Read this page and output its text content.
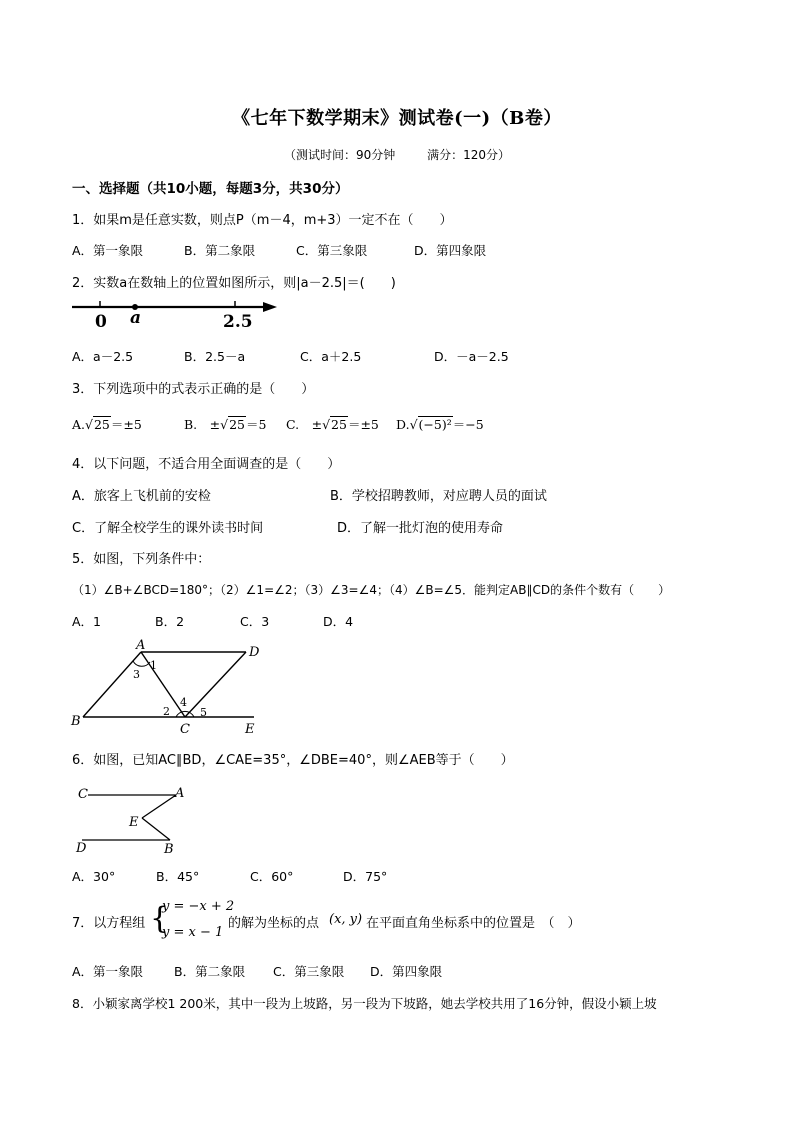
《七年下数学期末》测试卷(一)（B卷）
（测试时间：90分钟	满分：120分）
一、选择题（共10小题，每题3分，共30分）
1．如果m是任意实数，则点P（m－4，m+3）一定不在（　　）
A．第一象限	B．第二象限	C．第三象限	D．第四象限
2．实数a在数轴上的位置如图所示，则|a－2.5|＝(　　)
0 a	2.5
A．a－2.5	B．2.5－a	C．a＋2.5	D．－a－2.5
3．下列选项中的式表示正确的是（　　）
A.√25＝±5	B.　±√25＝5 C.　±√25＝±5 D.√(−5)²＝−5
4．以下问题，不适合用全面调查的是（　　）
A．旅客上飞机前的安检	B．学校招聘教师，对应聘人员的面试
C．了解全校学生的课外读书时间	D．了解一批灯泡的使用寿命
5．如图，下列条件中：
（1）∠B+∠BCD=180°；（2）∠1=∠2；（3）∠3=∠4；（4）∠B=∠5．能判定AB∥CD的条件个数有（　　）
A．1	B．2	C．3	D．4
A	D
B
C	E
1
3
2
4
5
6．如图，已知AC∥BD，∠CAE=35°，∠DBE=40°，则∠AEB等于（　　）
C	A
E
D	B
A．30°	B．45°	C．60°	D．75°
7．以方程组 {
y = −x + 2
y = x − 1
的解为坐标的点 (x, y) 在平面直角坐标系中的位置是　（　）
A．第一象限 B．第二象限 C．第三象限 D．第四象限
8．小颖家离学校1 200米，其中一段为上坡路，另一段为下坡路，她去学校共用了16分钟，假设小颖上坡
